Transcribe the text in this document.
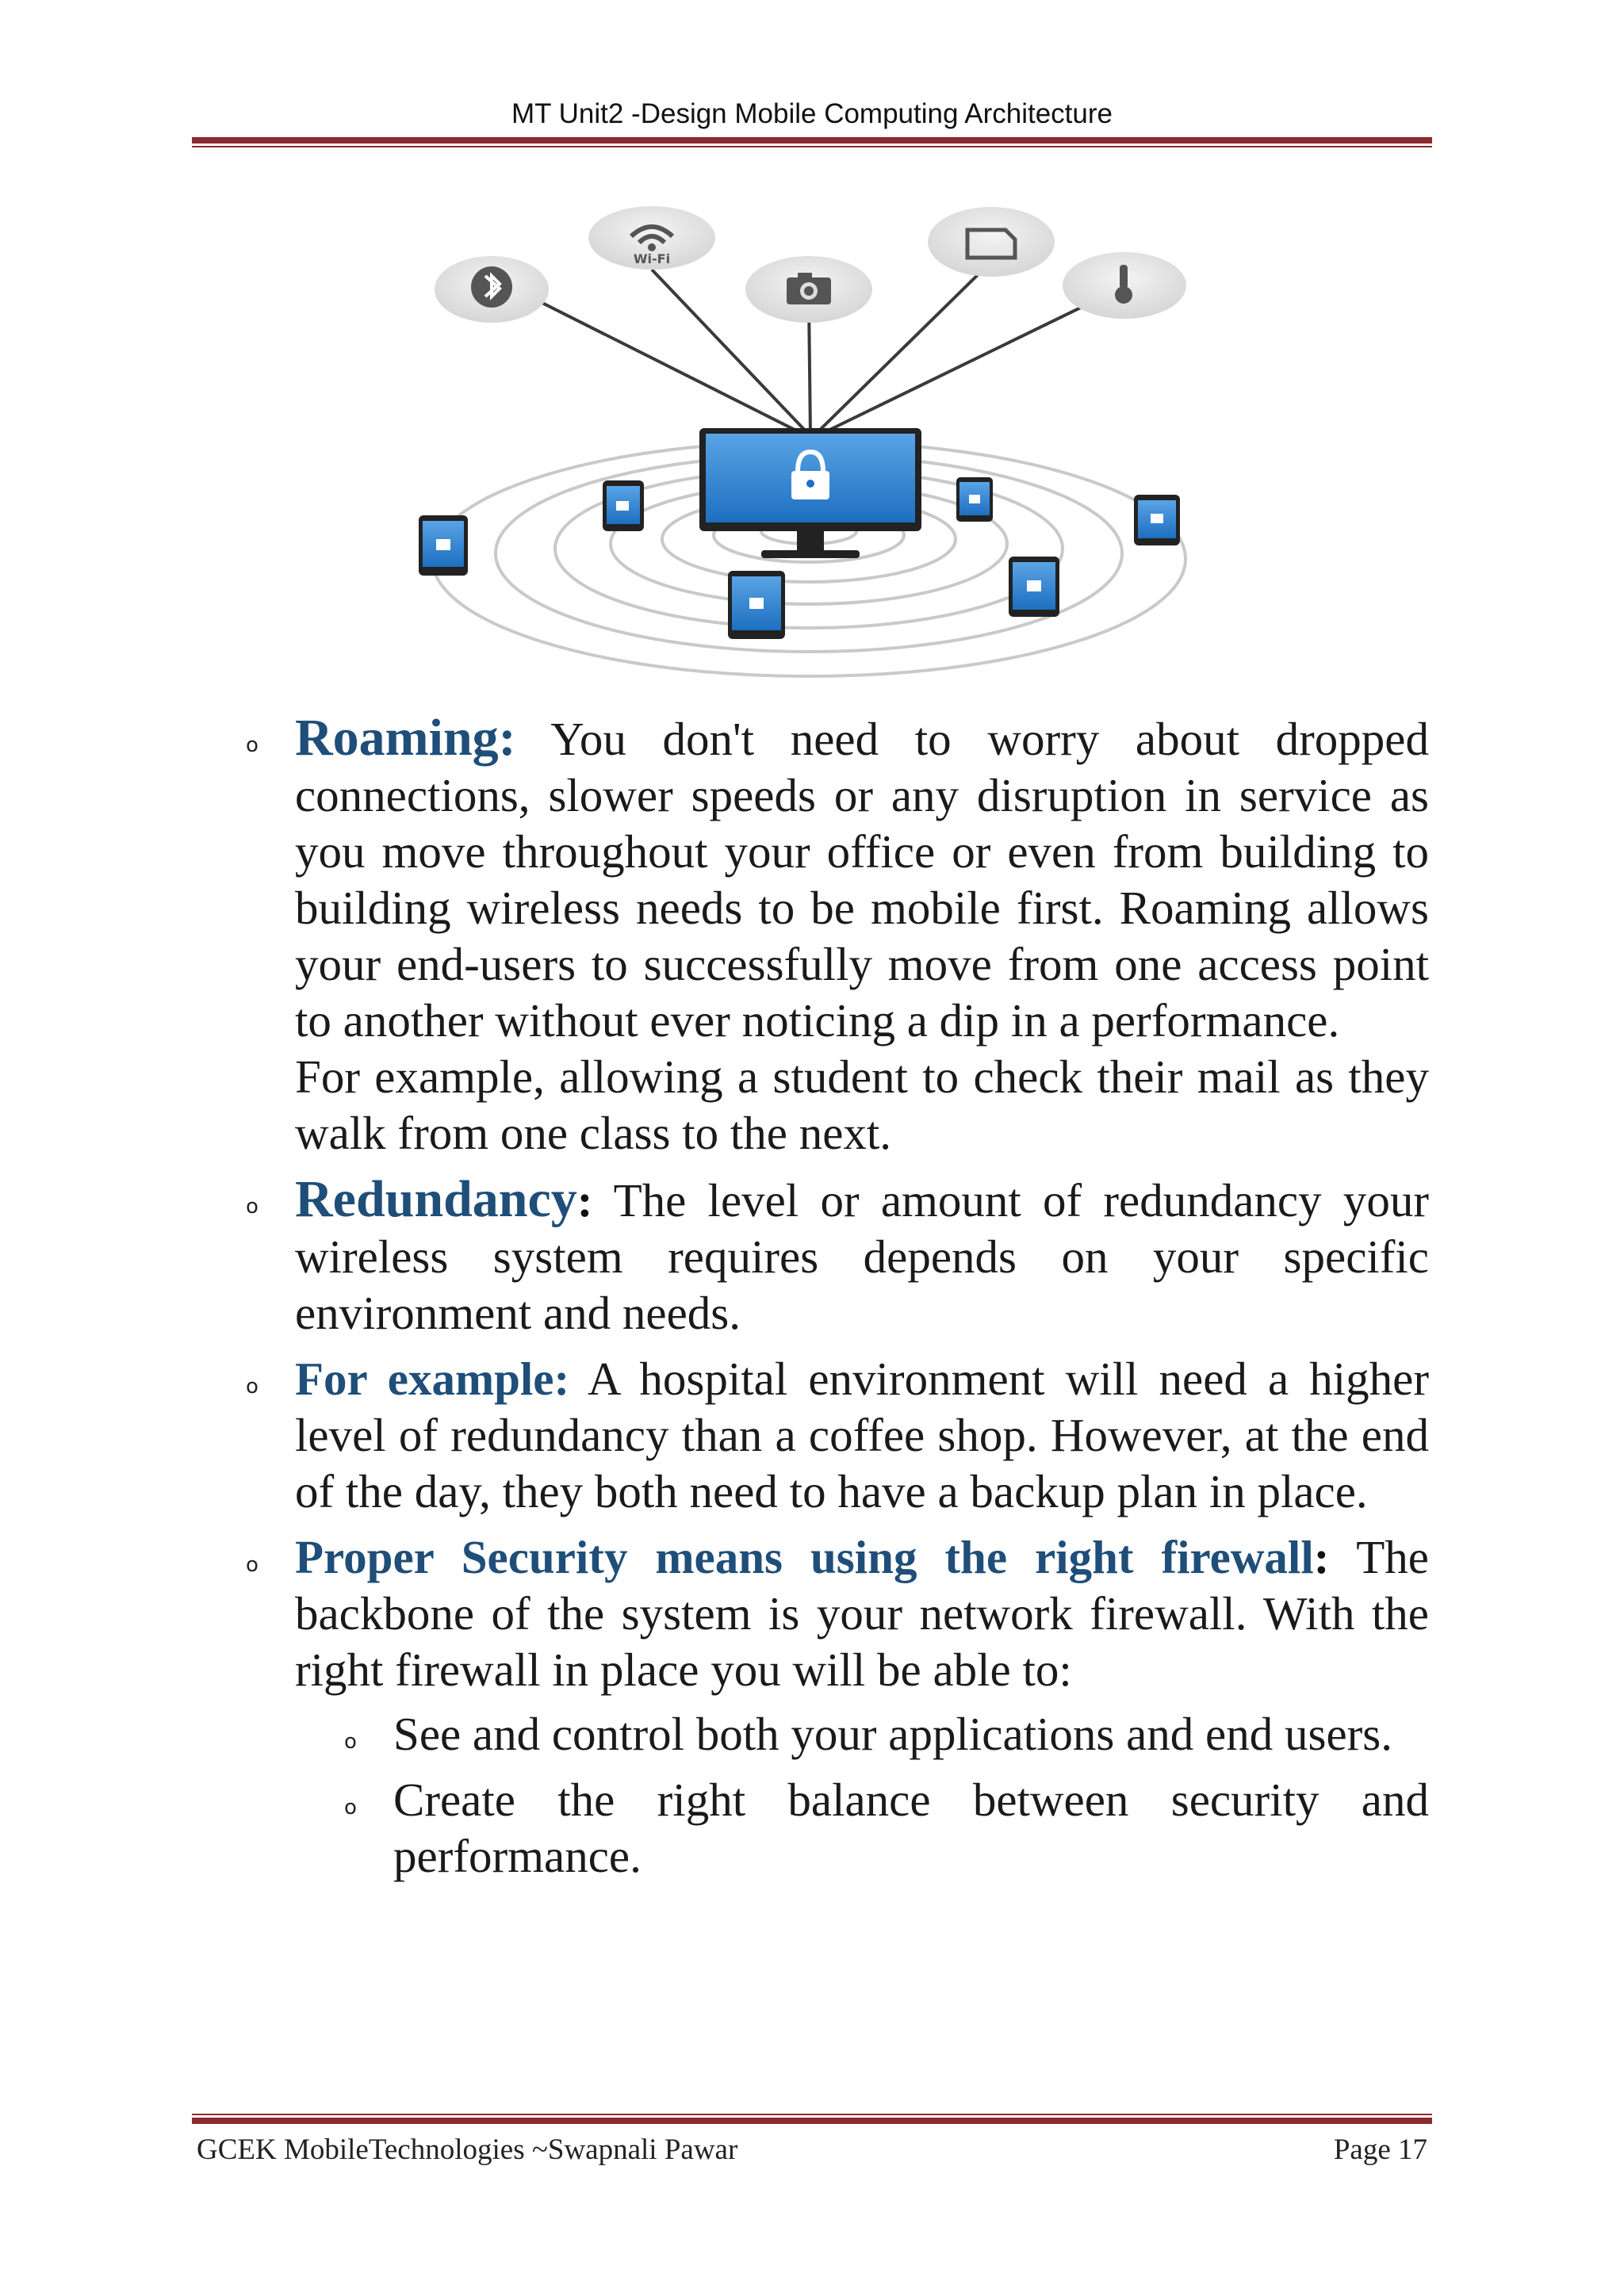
MT Unit2 -Design Mobile Computing Architecture
Wi-Fi
o Roaming: You don't need to worry about dropped connections, slower speeds or any disruption in service as you move throughout your office or even from building to building wireless needs to be mobile first. Roaming allows your end-users to successfully move from one access point to another without ever noticing a dip in a performance.
For example, allowing a student to check their mail as they walk from one class to the next.
o Redundancy: The level or amount of redundancy your wireless system requires depends on your specific environment and needs.
o For example: A hospital environment will need a higher level of redundancy than a coffee shop. However, at the end of the day, they both need to have a backup plan in place.
o Proper Security means using the right firewall: The backbone of the system is your network firewall. With the right firewall in place you will be able to:
o See and control both your applications and end users.
o Create the right balance between security and performance.
GCEK MobileTechnologies ~Swapnali Pawar	Page 17
